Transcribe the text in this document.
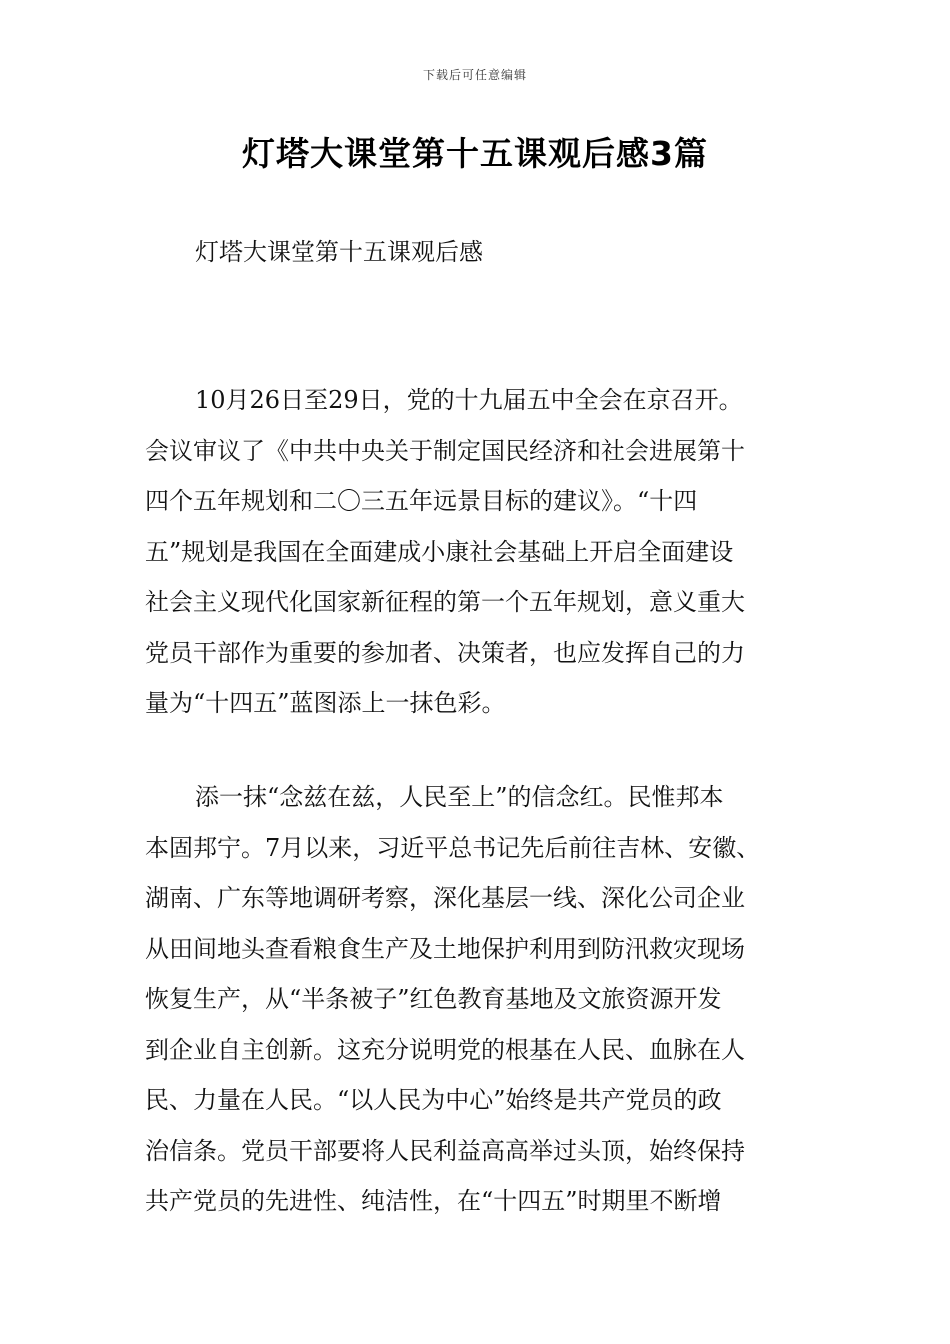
下载后可任意编辑
灯塔大课堂第十五课观后感3篇

灯塔大课堂第十五课观后感

10月26日至29日，党的十九届五中全会在京召开。
会议审议了《中共中央关于制定国民经济和社会进展第十
四个五年规划和二〇三五年远景目标的建议》。“十四
五”规划是我国在全面建成小康社会基础上开启全面建设
社会主义现代化国家新征程的第一个五年规划，意义重大
党员干部作为重要的参加者、决策者，也应发挥自己的力
量为“十四五”蓝图添上一抹色彩。

添一抹“念兹在兹，人民至上”的信念红。民惟邦本
本固邦宁。7月以来，习近平总书记先后前往吉林、安徽、
湖南、广东等地调研考察，深化基层一线、深化公司企业
从田间地头查看粮食生产及土地保护利用到防汛救灾现场
恢复生产，从“半条被子”红色教育基地及文旅资源开发
到企业自主创新。这充分说明党的根基在人民、血脉在人
民、力量在人民。“以人民为中心”始终是共产党员的政
治信条。党员干部要将人民利益高高举过头顶，始终保持
共产党员的先进性、纯洁性，在“十四五”时期里不断增
